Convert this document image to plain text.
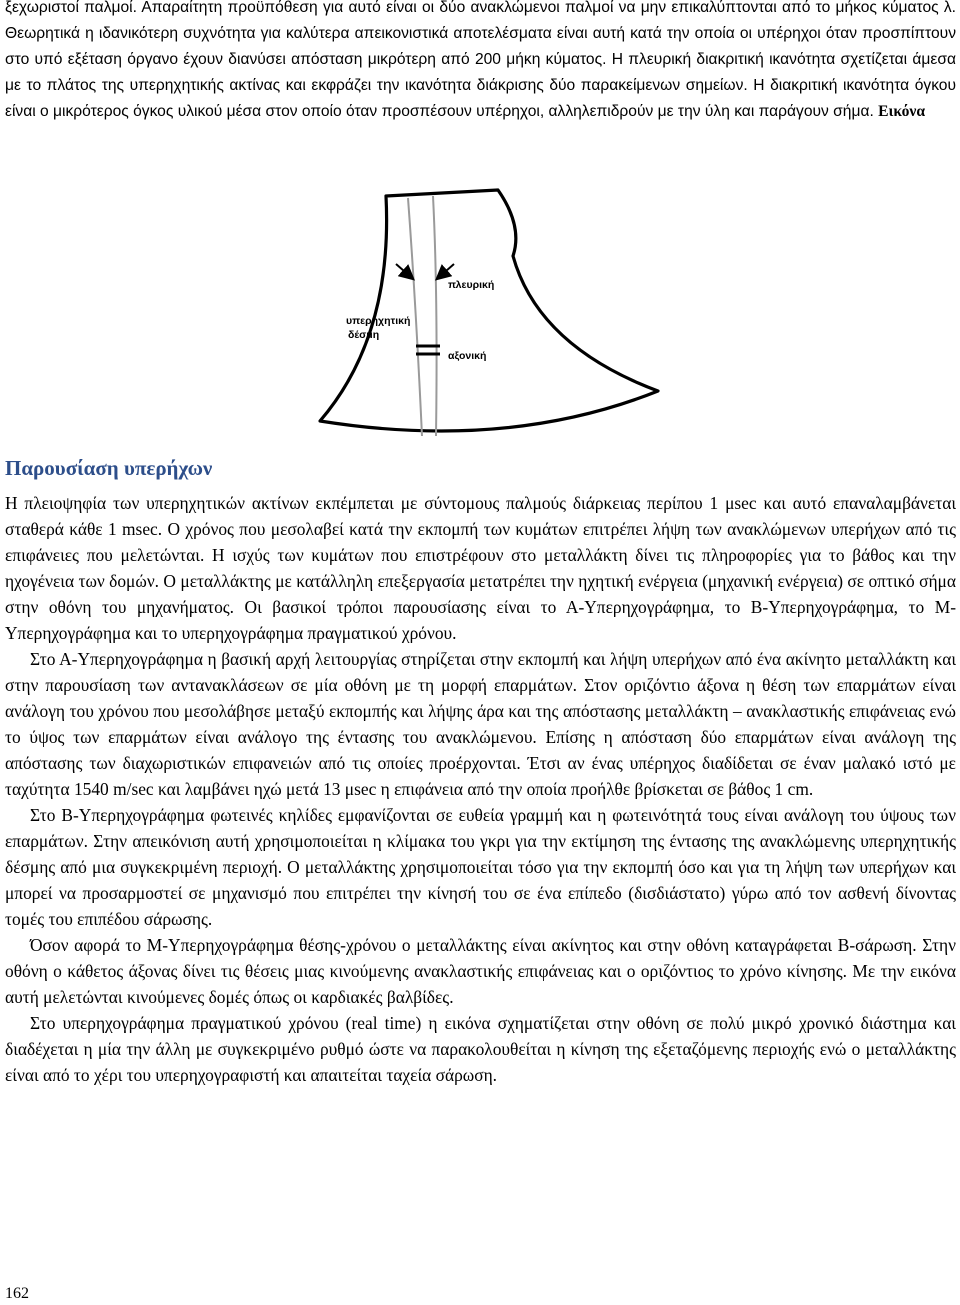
ξεχωριστοί παλμοί. Απαραίτητη προϋπόθεση για αυτό είναι οι δύο ανακλώμενοι παλμοί να μην επικαλύπτονται από το μήκος κύματος λ. Θεωρητικά η ιδανικότερη συχνότητα για καλύτερα απεικονιστικά αποτελέσματα είναι αυτή κατά την οποία οι υπέρηχοι όταν προσπίπτουν στο υπό εξέταση όργανο έχουν διανύσει απόσταση μικρότερη από 200 μήκη κύματος. Η πλευρική διακριτική ικανότητα σχετίζεται άμεσα με το πλάτος της υπερηχητικής ακτίνας και εκφράζει την ικανότητα διάκρισης δύο παρακείμενων σημείων. Η διακριτική ικανότητα όγκου είναι ο μικρότερος όγκος υλικού μέσα στον οποίο όταν προσπέσουν υπέρηχοι, αλληλεπιδρούν με την ύλη και παράγουν σήμα. Εικόνα

πλευρική
υπερηχητική
δέσμη
αξονική
Παρουσίαση υπερήχων

Η πλειοψηφία των υπερηχητικών ακτίνων εκπέμπεται με σύντομους παλμούς διάρκειας περίπου 1 μsec και αυτό επαναλαμβάνεται σταθερά κάθε 1 msec. Ο χρόνος που μεσολαβεί κατά την εκπομπή των κυμάτων επιτρέπει λήψη των ανακλώμενων υπερήχων από τις επιφάνειες που μελετώνται. Η ισχύς των κυμάτων που επιστρέφουν στο μεταλλάκτη δίνει τις πληροφορίες για το βάθος και την ηχογένεια των δομών. Ο μεταλλάκτης με κατάλληλη επεξεργασία μετατρέπει την ηχητική ενέργεια (μηχανική ενέργεια) σε οπτικό σήμα στην οθόνη του μηχανήματος. Οι βασικοί τρόποι παρουσίασης είναι το Α-Υπερηχογράφημα, το Β-Υπερηχογράφημα, το Μ-Υπερηχογράφημα και το υπερηχογράφημα πραγματικού χρόνου.

Στο Α-Υπερηχογράφημα η βασική αρχή λειτουργίας στηρίζεται στην εκπομπή και λήψη υπερήχων από ένα ακίνητο μεταλλάκτη και στην παρουσίαση των αντανακλάσεων σε μία οθόνη με τη μορφή επαρμάτων. Στον οριζόντιο άξονα η θέση των επαρμάτων είναι ανάλογη του χρόνου που μεσολάβησε μεταξύ εκπομπής και λήψης άρα και της απόστασης μεταλλάκτη – ανακλαστικής επιφάνειας ενώ το ύψος των επαρμάτων είναι ανάλογο της έντασης του ανακλώμενου. Επίσης η απόσταση δύο επαρμάτων είναι ανάλογη της απόστασης των διαχωριστικών επιφανειών από τις οποίες προέρχονται. Έτσι αν ένας υπέρηχος διαδίδεται σε έναν μαλακό ιστό με ταχύτητα 1540 m/sec και λαμβάνει ηχώ μετά 13 μsec η επιφάνεια από την οποία προήλθε βρίσκεται σε βάθος 1 cm.

Στο Β-Υπερηχογράφημα φωτεινές κηλίδες εμφανίζονται σε ευθεία γραμμή και η φωτεινότητά τους είναι ανάλογη του ύψους των επαρμάτων. Στην απεικόνιση αυτή χρησιμοποιείται η κλίμακα του γκρι για την εκτίμηση της έντασης της ανακλώμενης υπερηχητικής δέσμης από μια συγκεκριμένη περιοχή. Ο μεταλλάκτης χρησιμοποιείται τόσο για την εκπομπή όσο και για τη λήψη των υπερήχων και μπορεί να προσαρμοστεί σε μηχανισμό που επιτρέπει την κίνησή του σε ένα επίπεδο (δισδιάστατο) γύρω από τον ασθενή δίνοντας τομές του επιπέδου σάρωσης.

Όσον αφορά το Μ-Υπερηχογράφημα θέσης-χρόνου ο μεταλλάκτης είναι ακίνητος και στην οθόνη καταγράφεται Β-σάρωση. Στην οθόνη ο κάθετος άξονας δίνει τις θέσεις μιας κινούμενης ανακλαστικής επιφάνειας και ο οριζόντιος το χρόνο κίνησης. Με την εικόνα αυτή μελετώνται κινούμενες δομές όπως οι καρδιακές βαλβίδες.

Στο υπερηχογράφημα πραγματικού χρόνου (real time) η εικόνα σχηματίζεται στην οθόνη σε πολύ μικρό χρονικό διάστημα και διαδέχεται η μία την άλλη με συγκεκριμένο ρυθμό ώστε να παρακολουθείται η κίνηση της εξεταζόμενης περιοχής ενώ ο μεταλλάκτης είναι από το χέρι του υπερηχογραφιστή και απαιτείται ταχεία σάρωση.

162
